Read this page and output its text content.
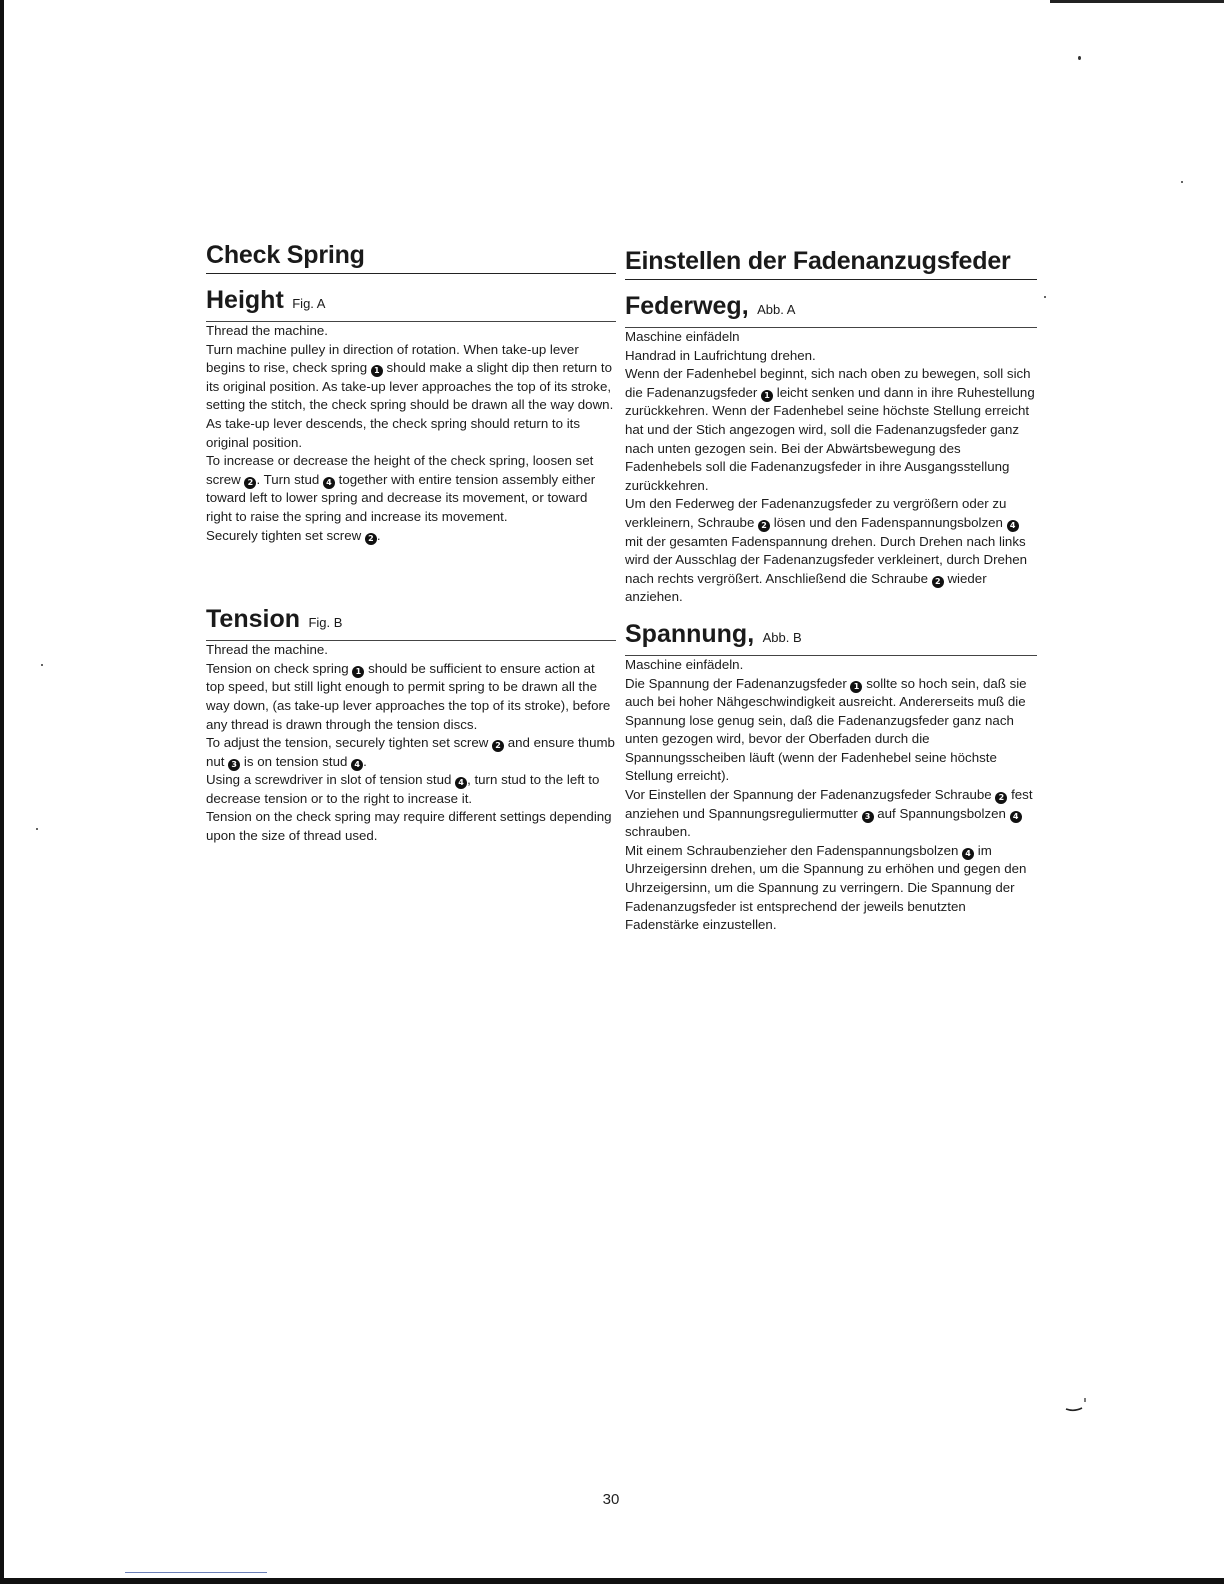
Check Spring
Height Fig. A

Thread the machine.

Turn machine pulley in direction of rotation. When take-up lever begins to rise, check spring 1 should make a slight dip then return to its original position. As take-up lever approaches the top of its stroke, setting the stitch, the check spring should be drawn all the way down.

As take-up lever descends, the check spring should return to its original position.

To increase or decrease the height of the check spring, loosen set screw 2 . Turn stud 4 together with entire tension assembly either toward left to lower spring and decrease its movement, or toward right to raise the spring and increase its movement.

Securely tighten set screw 2 .

Tension Fig. B

Thread the machine.

Tension on check spring 1 should be sufficient to ensure action at top speed, but still light enough to permit spring to be drawn all the way down, (as take-up lever approaches the top of its stroke), before any thread is drawn through the tension discs.

To adjust the tension, securely tighten set screw 2 and ensure thumb nut 3 is on tension stud 4 .

Using a screwdriver in slot of tension stud 4 , turn stud to the left to decrease tension or to the right to increase it.

Tension on the check spring may require different settings depending upon the size of thread used.

Einstellen der Fadenanzugsfeder
Federweg, Abb. A

Maschine einfädeln

Handrad in Laufrichtung drehen.

Wenn der Fadenhebel beginnt, sich nach oben zu bewegen, soll sich die Fadenanzugsfeder 1 leicht senken und dann in ihre Ruhestellung zurückkehren. Wenn der Fadenhebel seine höchste Stellung erreicht hat und der Stich angezogen wird, soll die Fadenanzugsfeder ganz nach unten gezogen sein. Bei der Abwärtsbewegung des Fadenhebels soll die Fadenanzugsfeder in ihre Ausgangsstellung zurückkehren.

Um den Federweg der Fadenanzugsfeder zu vergrößern oder zu verkleinern, Schraube 2 lösen und den Fadenspannungsbolzen 4 mit der gesamten Fadenspannung drehen. Durch Drehen nach links wird der Ausschlag der Fadenanzugsfeder verkleinert, durch Drehen nach rechts vergrößert. Anschließend die Schraube 2 wieder anziehen.

Spannung, Abb. B

Maschine einfädeln.

Die Spannung der Fadenanzugsfeder 1 sollte so hoch sein, daß sie auch bei hoher Nähgeschwindigkeit ausreicht. Andererseits muß die Spannung lose genug sein, daß die Fadenanzugsfeder ganz nach unten gezogen wird, bevor der Oberfaden durch die Spannungsscheiben läuft (wenn der Fadenhebel seine höchste Stellung erreicht).

Vor Einstellen der Spannung der Fadenanzugsfeder Schraube 2 fest anziehen und Spannungsreguliermutter 3 auf Spannungsbolzen 4 schrauben.

Mit einem Schraubenzieher den Fadenspannungsbolzen 4 im Uhrzeigersinn drehen, um die Spannung zu erhöhen und gegen den Uhrzeigersinn, um die Spannung zu verringern. Die Spannung der Fadenanzugsfeder ist entsprechend der jeweils benutzten Fadenstärke einzustellen.

30
